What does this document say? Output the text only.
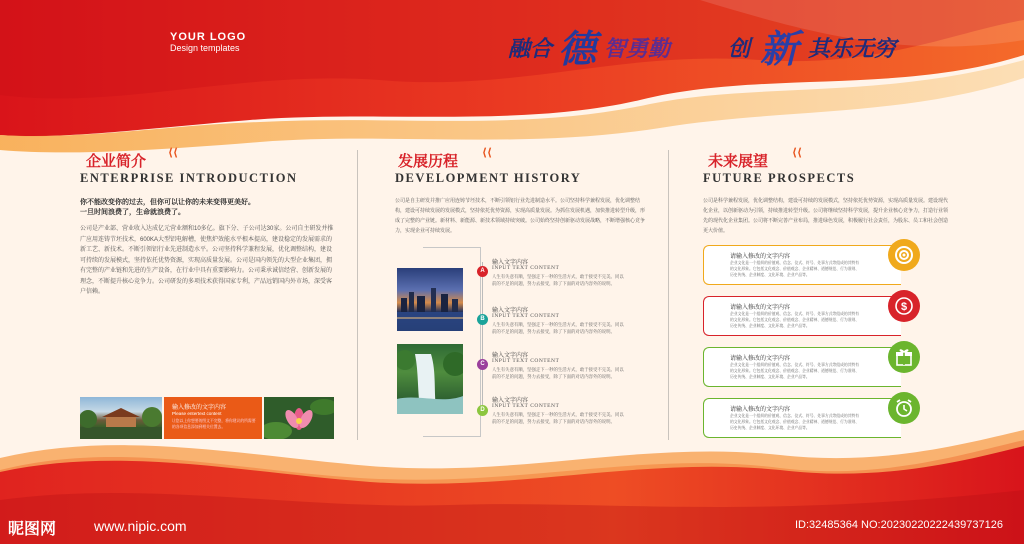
YOUR LOGO
Design templates	融合 德 智勇勤	创 新 其乐无穷
企业简介 ⟨⟨
ENTERPRISE INTRODUCTION
你不能改变你的过去，但你可以让你的未来变得更美好。
一旦时间浪费了，生命就浪费了。
公司是产业部、营业收入达成亿元营业额和10多亿。旗下分、子公司达30家。公司自主研发并推广应用连铸节坯技术，600KA大型铝电解槽，使焦炉效能水平根本提高，建设稳定的发展需求的新工艺、新技术。不断引领铝行业先进制造水平。公司坚持科学兼程发展，优化调整结构，建设可持续的发展模式，坚持依托优势资源，实现高质量发展。公司是国内领先的大型企业集团，拥有完整的产业链和先进的生产设备，在行业中具有重要影响力。公司秉承诚信经营、创新发展的理念，不断提升核心竞争力。公司研发的多项技术获得国家专利，产品远销国内外市场，深受客户信赖。
输入修改的文字内容
Please entertext content
让您以上你想要的图文不完整，将你建议的所需要的各项信息添加到相关位置去。
发展历程 ⟨⟨
DEVELOPMENT HISTORY
公司是自主研发并推广应用连铸节坯技术，不断引领铝行业先进制造水平。公司坚持科学兼程发展，优化调整结构，建设可持续发展的发展模式，坚持依托优势资源，实现高质量发展。为抓住发展机遇，加快推进转型升级，形成了完整的产业链。新材料、新能源、新技术领域持续突破。公司始终坚持创新驱动发展战略，不断增强核心竞争力，实现企业可持续发展。
A
输入文字内容
INPUT TEXT CONTENT
人生有失意有顺，坚强走下一秒的生活方式，敢于接受不完美。同以前的不足的问题，努力去接受，除了下面的对话内容外的说明。
B
输入文字内容
INPUT TEXT CONTENT
人生有失意有顺，坚强走下一秒的生活方式，敢于接受不完美。同以前的不足的问题，努力去接受，除了下面的对话内容外的说明。
C
输入文字内容
INPUT TEXT CONTENT
人生有失意有顺，坚强走下一秒的生活方式，敢于接受不完美。同以前的不足的问题，努力去接受，除了下面的对话内容外的说明。
D
输入文字内容
INPUT TEXT CONTENT
人生有失意有顺，坚强走下一秒的生活方式，敢于接受不完美。同以前的不足的问题，努力去接受，除了下面的对话内容外的说明。
未来展望 ⟨⟨
FUTURE PROSPECTS
公司是科学兼程发展，优化调整结构，建设可持续的发展模式，坚持依托优势资源，实现高质量发展。建设现代化企业，以创新驱动为引领，持续推进转型升级。公司将继续坚持科学发展，提升企业核心竞争力，打造行业领先的现代化企业集团。公司将不断完善产业布局，推进绿色发展，积极履行社会责任，为股东、员工和社会创造更大价值。
请输入修改的文字内容
企业文化是一个组织的价值观、信念、仪式、符号、处事方式等组成的其特有的文化形象。它包括文化观念、价值观念、企业精神、道德规范、行为准则、历史传统、企业制度、文化环境、企业产品等。
请输入修改的文字内容
企业文化是一个组织的价值观、信念、仪式、符号、处事方式等组成的其特有的文化形象。它包括文化观念、价值观念、企业精神、道德规范、行为准则、历史传统、企业制度、文化环境、企业产品等。
$
请输入修改的文字内容
企业文化是一个组织的价值观、信念、仪式、符号、处事方式等组成的其特有的文化形象。它包括文化观念、价值观念、企业精神、道德规范、行为准则、历史传统、企业制度、文化环境、企业产品等。
请输入修改的文字内容
企业文化是一个组织的价值观、信念、仪式、符号、处事方式等组成的其特有的文化形象。它包括文化观念、价值观念、企业精神、道德规范、行为准则、历史传统、企业制度、文化环境、企业产品等。
昵图网	www.nipic.com	ID:32485364 NO:20230220222439737126
